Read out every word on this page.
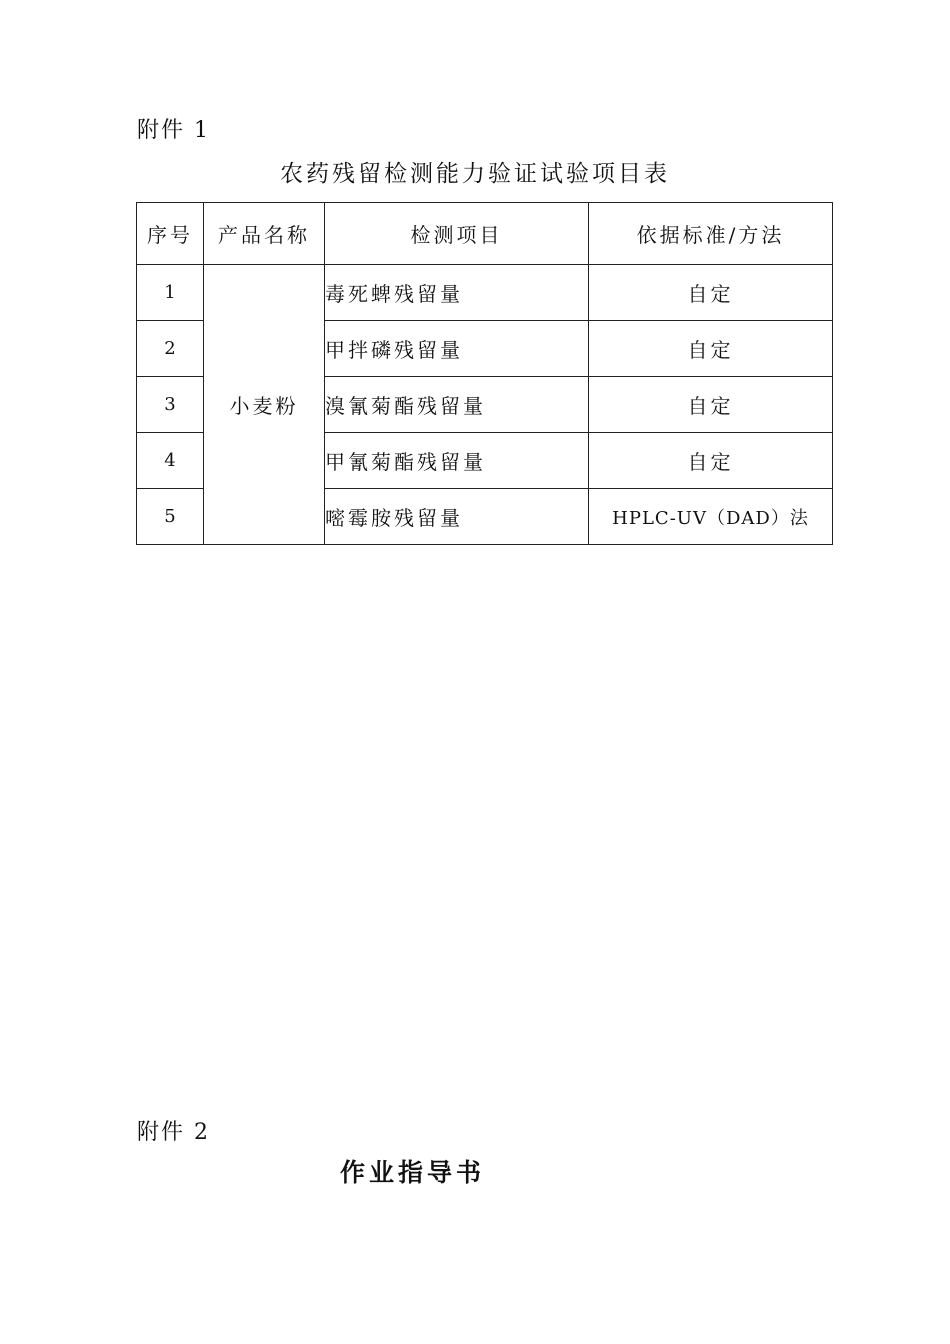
附件 1
农药残留检测能力验证试验项目表
序号	产品名称	检测项目	依据标准/方法
1	小麦粉	毒死蜱残留量	自定
2		甲拌磷残留量	自定
3		溴氰菊酯残留量	自定
4		甲氰菊酯残留量	自定
5		嘧霉胺残留量	HPLC-UV（DAD）法
附件 2
作业指导书
